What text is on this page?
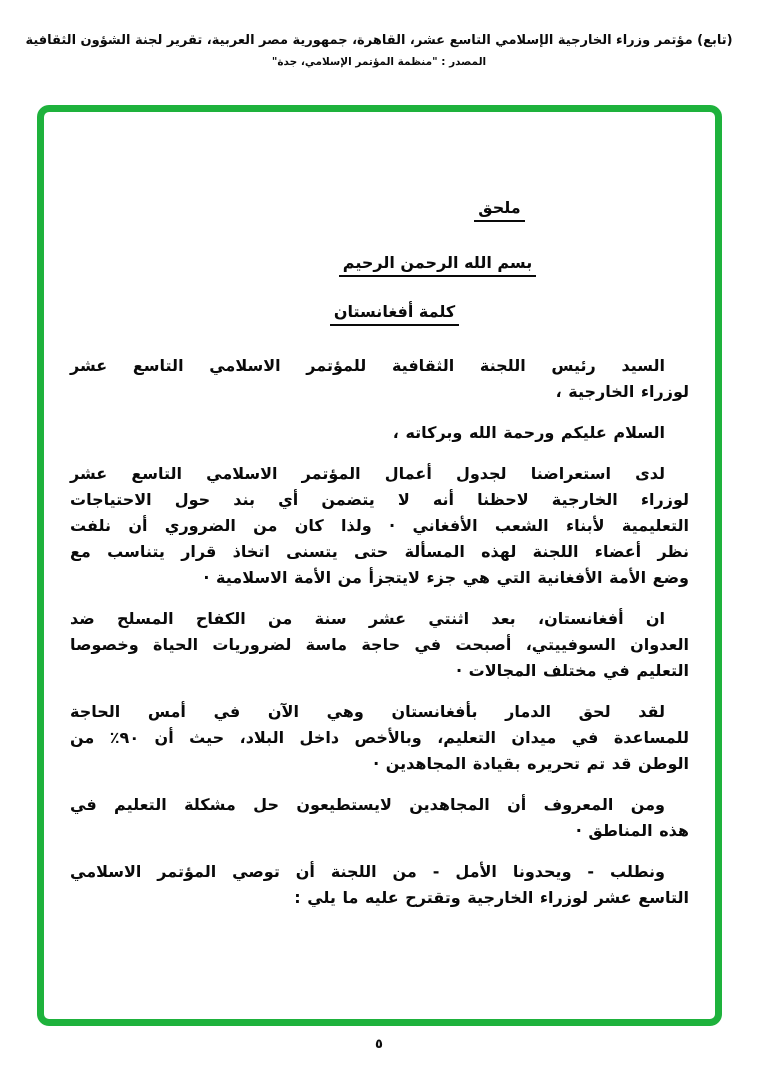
(تابع) مؤتمر وزراء الخارجية الإسلامي التاسع عشر، القاهرة، جمهورية مصر العربية، تقرير لجنة الشؤون الثقافية
المصدر : "منظمة المؤتمر الإسلامي، جدة"
ملحق
بسم الله الرحمن الرحيم
كلمة أفغانستان

السيد رئيس اللجنة الثقافية للمؤتمر الاسلامي التاسع عشر
لوزراء الخارجية ،

السلام عليكم ورحمة الله وبركاته ،

لدى استعراضنا لجدول أعمال المؤتمر الاسلامي التاسع عشر
لوزراء الخارجية لاحظنا أنه لا يتضمن أي بند حول الاحتياجات
التعليمية لأبناء الشعب الأفغاني · ولذا كان من الضروري أن نلفت
نظر أعضاء اللجنة لهذه المسألة حتى يتسنى اتخاذ قرار يتناسب مع
وضع الأمة الأفغانية التي هي جزء لايتجزأ من الأمة الاسلامية ·

ان أفغانستان، بعد اثنتي عشر سنة من الكفاح المسلح ضد
العدوان السوفييتي، أصبحت في حاجة ماسة لضروريات الحياة وخصوصا
التعليم في مختلف المجالات ·

لقد لحق الدمار بأفغانستان وهي الآن في أمس الحاجة
للمساعدة في ميدان التعليم، وبالأخص داخل البلاد، حيث أن ٩٠٪ من
الوطن قد تم تحريره بقيادة المجاهدين ·

ومن المعروف أن المجاهدين لايستطيعون حل مشكلة التعليم في
هذه المناطق ·

ونطلب - ويحدونا الأمل - من اللجنة أن توصي المؤتمر الاسلامي
التاسع عشر لوزراء الخارجية وتقترح عليه ما يلي :

٥
